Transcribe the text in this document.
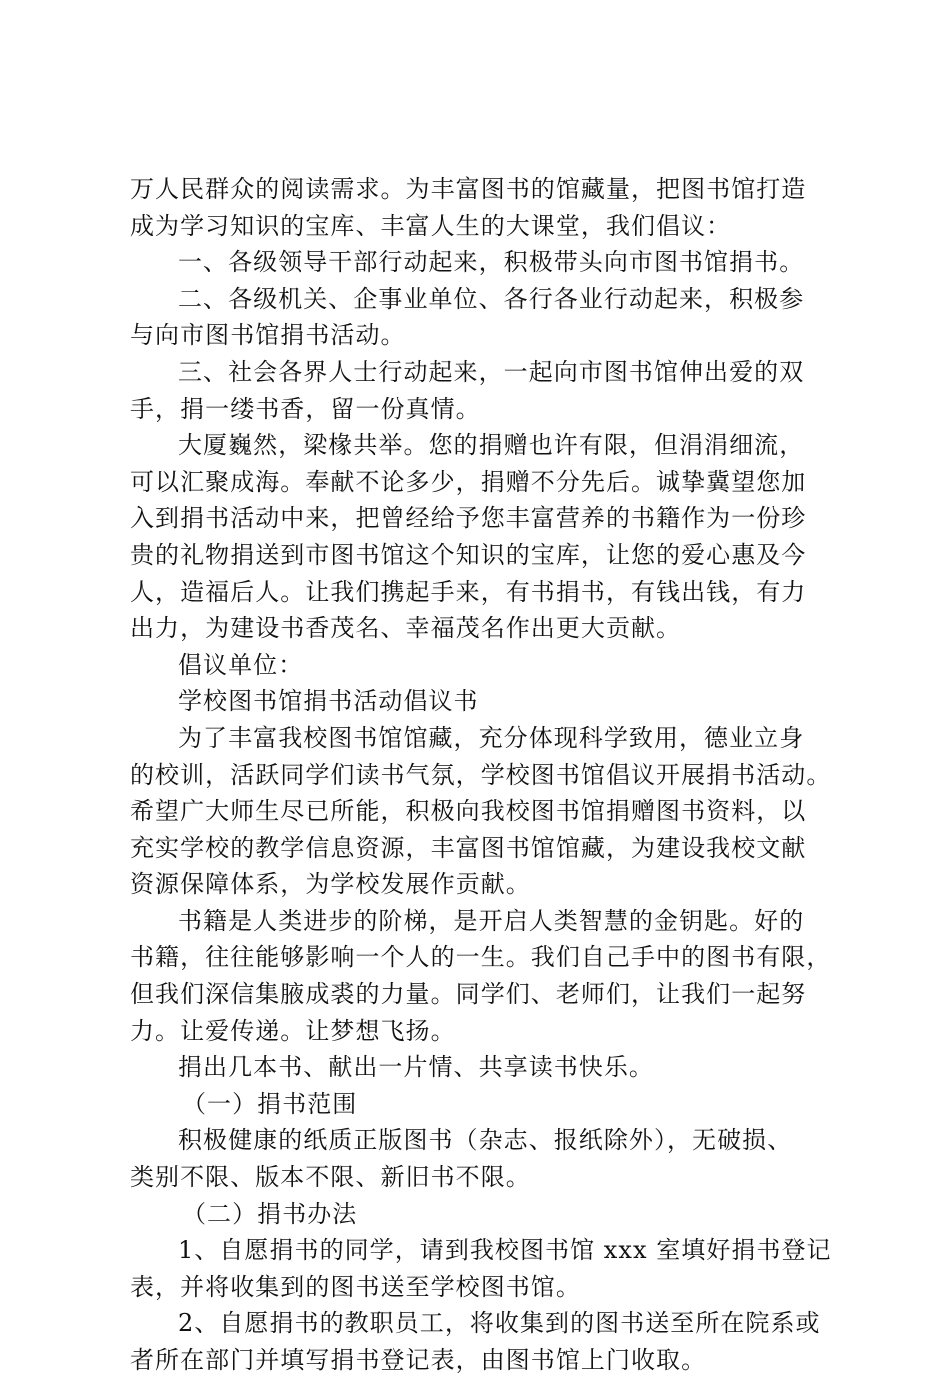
万人民群众的阅读需求。为丰富图书的馆藏量，把图书馆打造
成为学习知识的宝库、丰富人生的大课堂，我们倡议：

一、各级领导干部行动起来，积极带头向市图书馆捐书。

二、各级机关、企事业单位、各行各业行动起来，积极参
与向市图书馆捐书活动。

三、社会各界人士行动起来，一起向市图书馆伸出爱的双
手，捐一缕书香，留一份真情。

大厦巍然，梁椽共举。您的捐赠也许有限，但涓涓细流，
可以汇聚成海。奉献不论多少，捐赠不分先后。诚挚冀望您加
入到捐书活动中来，把曾经给予您丰富营养的书籍作为一份珍
贵的礼物捐送到市图书馆这个知识的宝库，让您的爱心惠及今
人，造福后人。让我们携起手来，有书捐书，有钱出钱，有力
出力，为建设书香茂名、幸福茂名作出更大贡献。

倡议单位：

学校图书馆捐书活动倡议书

为了丰富我校图书馆馆藏，充分体现科学致用，德业立身
的校训，活跃同学们读书气氛，学校图书馆倡议开展捐书活动。
希望广大师生尽已所能，积极向我校图书馆捐赠图书资料，以
充实学校的教学信息资源，丰富图书馆馆藏，为建设我校文献
资源保障体系，为学校发展作贡献。

书籍是人类进步的阶梯，是开启人类智慧的金钥匙。好的
书籍，往往能够影响一个人的一生。我们自己手中的图书有限，
但我们深信集腋成裘的力量。同学们、老师们，让我们一起努
力。让爱传递。让梦想飞扬。

捐出几本书、献出一片情、共享读书快乐。

（一）捐书范围

积极健康的纸质正版图书（杂志、报纸除外），无破损、
类别不限、版本不限、新旧书不限。

（二）捐书办法

1、自愿捐书的同学，请到我校图书馆 xxx 室填好捐书登记
表，并将收集到的图书送至学校图书馆。

2、自愿捐书的教职员工，将收集到的图书送至所在院系或
者所在部门并填写捐书登记表，由图书馆上门收取。
